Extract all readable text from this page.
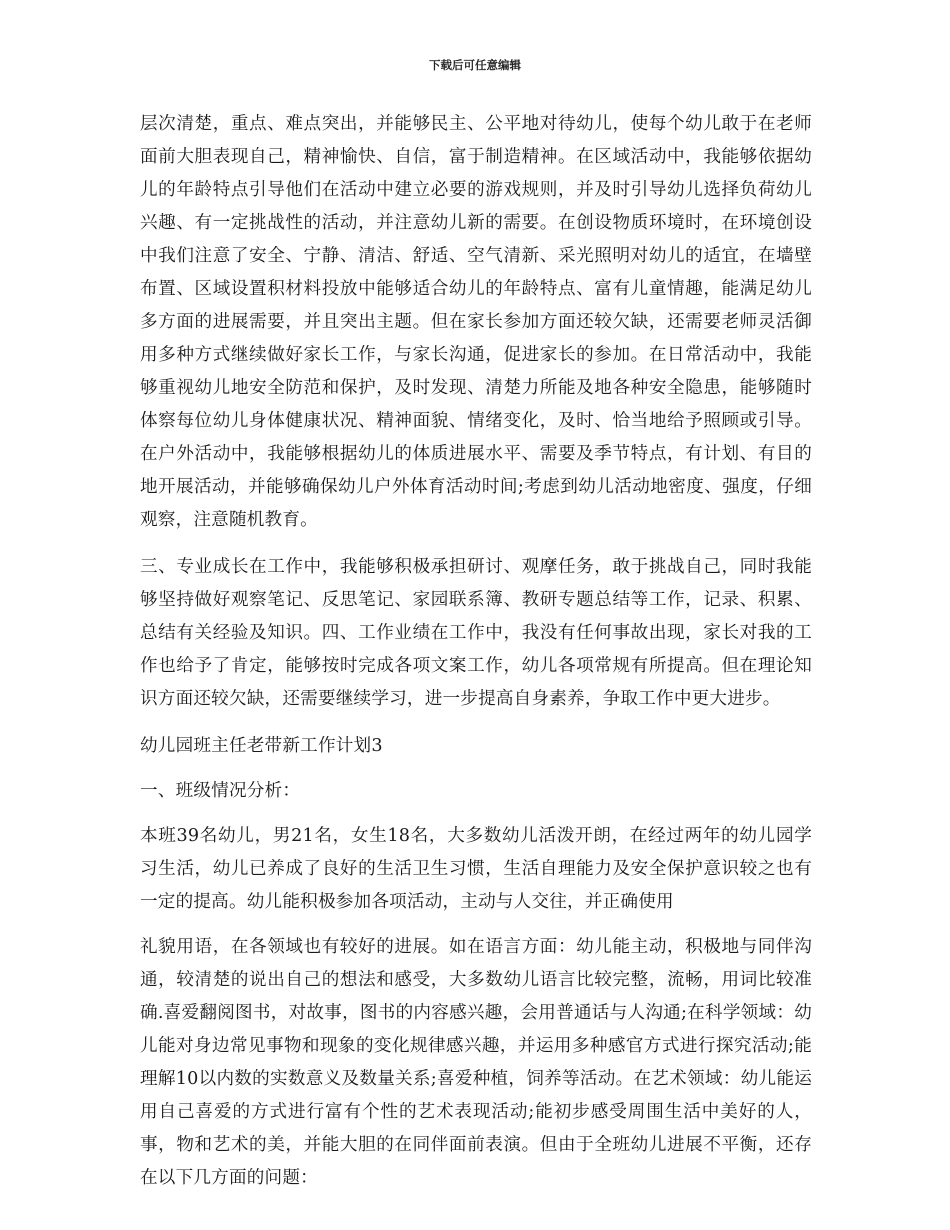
下载后可任意编辑

层次清楚，重点、难点突出，并能够民主、公平地对待幼儿，使每个幼儿敢于在老师面前大胆表现自己，精神愉快、自信，富于制造精神。在区域活动中，我能够依据幼儿的年龄特点引导他们在活动中建立必要的游戏规则，并及时引导幼儿选择负荷幼儿兴趣、有一定挑战性的活动，并注意幼儿新的需要。在创设物质环境时，在环境创设中我们注意了安全、宁静、清洁、舒适、空气清新、采光照明对幼儿的适宜，在墙壁布置、区域设置积材料投放中能够适合幼儿的年龄特点、富有儿童情趣，能满足幼儿多方面的进展需要，并且突出主题。但在家长参加方面还较欠缺，还需要老师灵活御用多种方式继续做好家长工作，与家长沟通，促进家长的参加。在日常活动中，我能够重视幼儿地安全防范和保护，及时发现、清楚力所能及地各种安全隐患，能够随时体察每位幼儿身体健康状况、精神面貌、情绪变化，及时、恰当地给予照顾或引导。在户外活动中，我能够根据幼儿的体质进展水平、需要及季节特点，有计划、有目的地开展活动，并能够确保幼儿户外体育活动时间;考虑到幼儿活动地密度、强度，仔细观察，注意随机教育。

三、专业成长在工作中，我能够积极承担研讨、观摩任务，敢于挑战自己，同时我能够坚持做好观察笔记、反思笔记、家园联系簿、教研专题总结等工作，记录、积累、总结有关经验及知识。四、工作业绩在工作中，我没有任何事故出现，家长对我的工作也给予了肯定，能够按时完成各项文案工作，幼儿各项常规有所提高。但在理论知识方面还较欠缺，还需要继续学习，进一步提高自身素养，争取工作中更大进步。

幼儿园班主任老带新工作计划3

一、班级情况分析：

本班39名幼儿，男21名，女生18名，大多数幼儿活泼开朗，在经过两年的幼儿园学习生活，幼儿已养成了良好的生活卫生习惯，生活自理能力及安全保护意识较之也有一定的提高。幼儿能积极参加各项活动，主动与人交往，并正确使用

礼貌用语，在各领域也有较好的进展。如在语言方面：幼儿能主动，积极地与同伴沟通，较清楚的说出自己的想法和感受，大多数幼儿语言比较完整，流畅，用词比较准确.喜爱翻阅图书，对故事，图书的内容感兴趣，会用普通话与人沟通;在科学领域：幼儿能对身边常见事物和现象的变化规律感兴趣，并运用多种感官方式进行探究活动;能理解10以内数的实数意义及数量关系;喜爱种植，饲养等活动。在艺术领域：幼儿能运用自己喜爱的方式进行富有个性的艺术表现活动;能初步感受周围生活中美好的人，事，物和艺术的美，并能大胆的在同伴面前表演。但由于全班幼儿进展不平衡，还存在以下几方面的问题：
